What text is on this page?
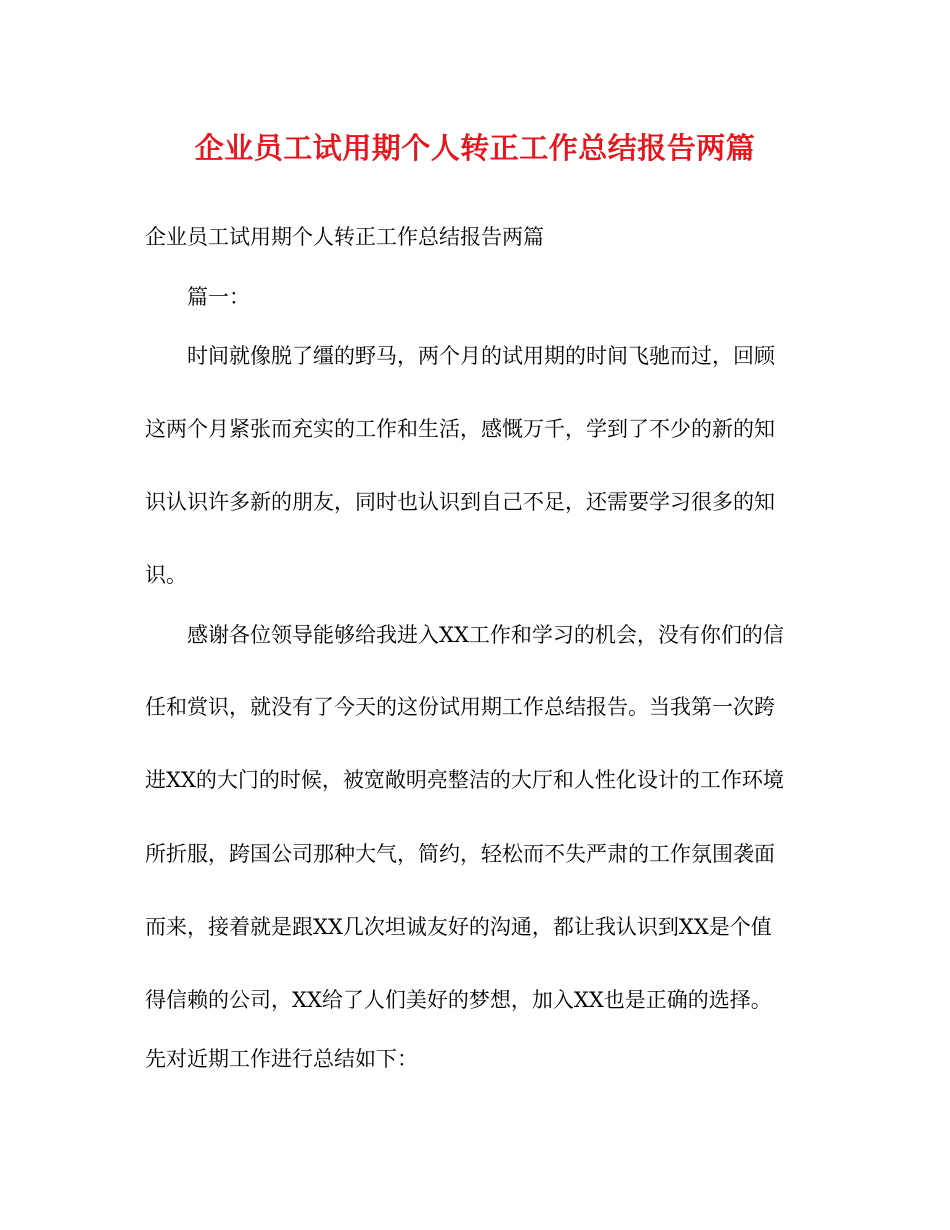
企业员工试用期个人转正工作总结报告两篇
企业员工试用期个人转正工作总结报告两篇
篇一：
时间就像脱了缰的野马，两个月的试用期的时间飞驰而过，回顾
这两个月紧张而充实的工作和生活，感慨万千，学到了不少的新的知
识认识许多新的朋友，同时也认识到自己不足，还需要学习很多的知
识。
感谢各位领导能够给我进入XX工作和学习的机会，没有你们的信
任和赏识，就没有了今天的这份试用期工作总结报告。当我第一次跨
进XX的大门的时候，被宽敞明亮整洁的大厅和人性化设计的工作环境
所折服，跨国公司那种大气，简约，轻松而不失严肃的工作氛围袭面
而来，接着就是跟XX几次坦诚友好的沟通，都让我认识到XX是个值
得信赖的公司，XX给了人们美好的梦想，加入XX也是正确的选择。
先对近期工作进行总结如下：
